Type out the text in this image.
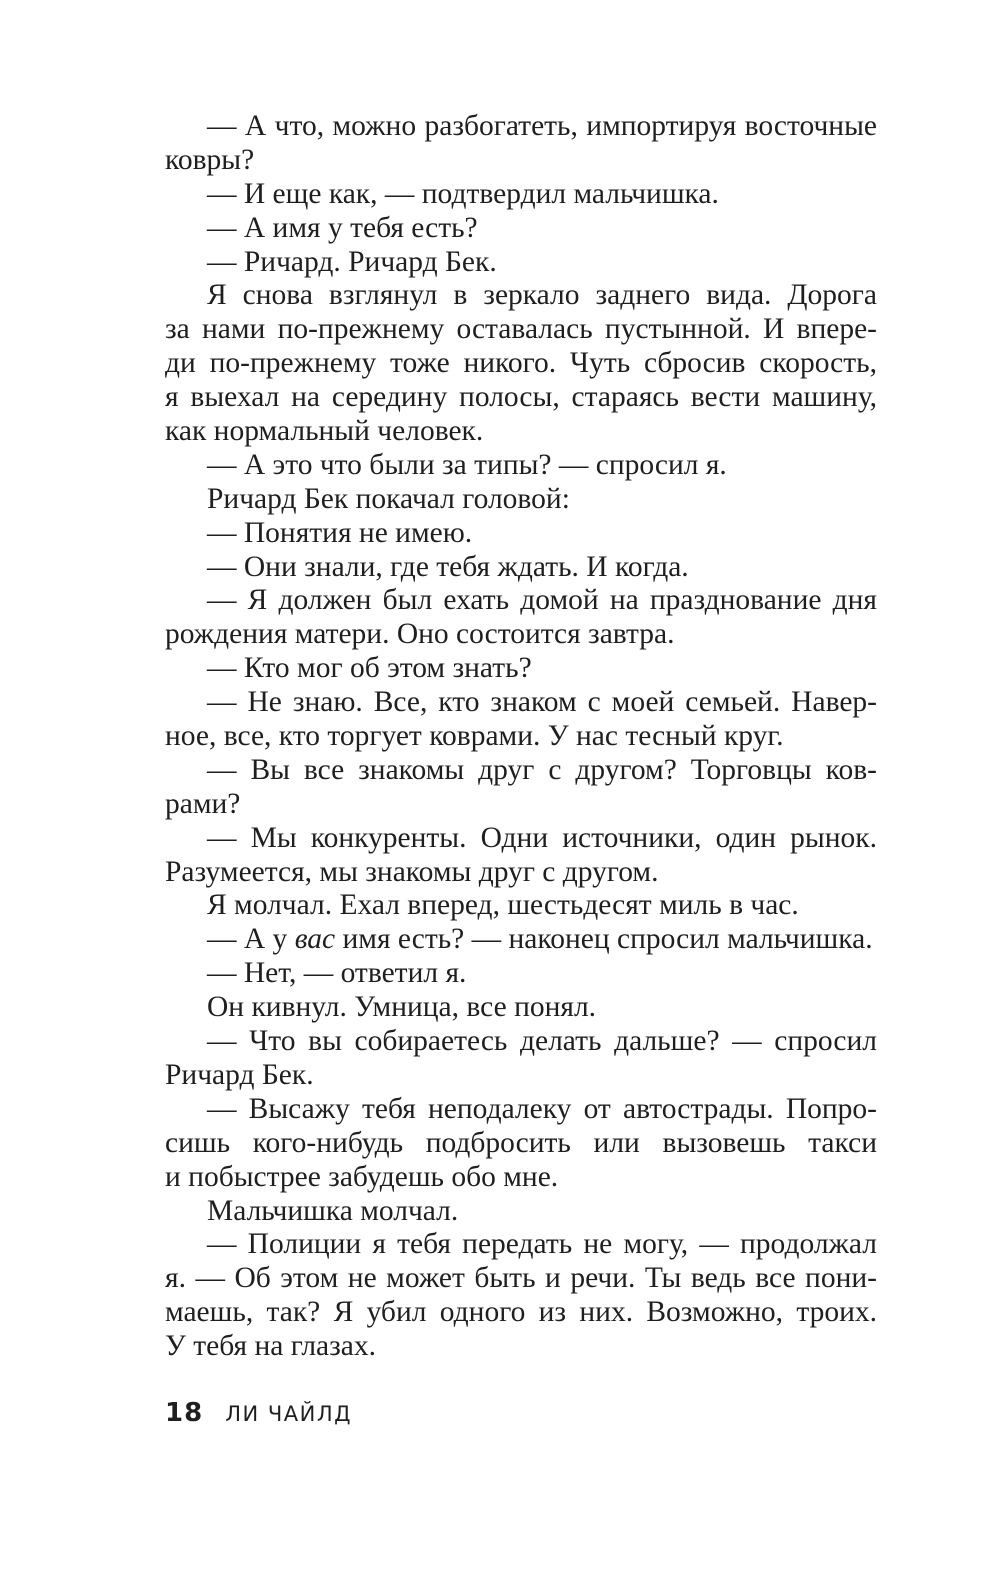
— А что, можно разбогатеть, импортируя восточные
ковры?
— И еще как, — подтвердил мальчишка.
— А имя у тебя есть?
— Ричард. Ричард Бек.
Я снова взглянул в зеркало заднего вида. Дорога
за нами по-прежнему оставалась пустынной. И впере-
ди по-прежнему тоже никого. Чуть сбросив скорость,
я выехал на середину полосы, стараясь вести машину,
как нормальный человек.
— А это что были за типы? — спросил я.
Ричард Бек покачал головой:
— Понятия не имею.
— Они знали, где тебя ждать. И когда.
— Я должен был ехать домой на празднование дня
рождения матери. Оно состоится завтра.
— Кто мог об этом знать?
— Не знаю. Все, кто знаком с моей семьей. Навер-
ное, все, кто торгует коврами. У нас тесный круг.
— Вы все знакомы друг с другом? Торговцы ков-
рами?
— Мы конкуренты. Одни источники, один рынок.
Разумеется, мы знакомы друг с другом.
Я молчал. Ехал вперед, шестьдесят миль в час.
— А у вас имя есть? — наконец спросил мальчишка.
— Нет, — ответил я.
Он кивнул. Умница, все понял.
— Что вы собираетесь делать дальше? — спросил
Ричард Бек.
— Высажу тебя неподалеку от автострады. Попро-
сишь кого-нибудь подбросить или вызовешь такси
и побыстрее забудешь обо мне.
Мальчишка молчал.
— Полиции я тебя передать не могу, — продолжал
я. — Об этом не может быть и речи. Ты ведь все пони-
маешь, так? Я убил одного из них. Возможно, троих.
У тебя на глазах.
18 ЛИ ЧАЙЛД
